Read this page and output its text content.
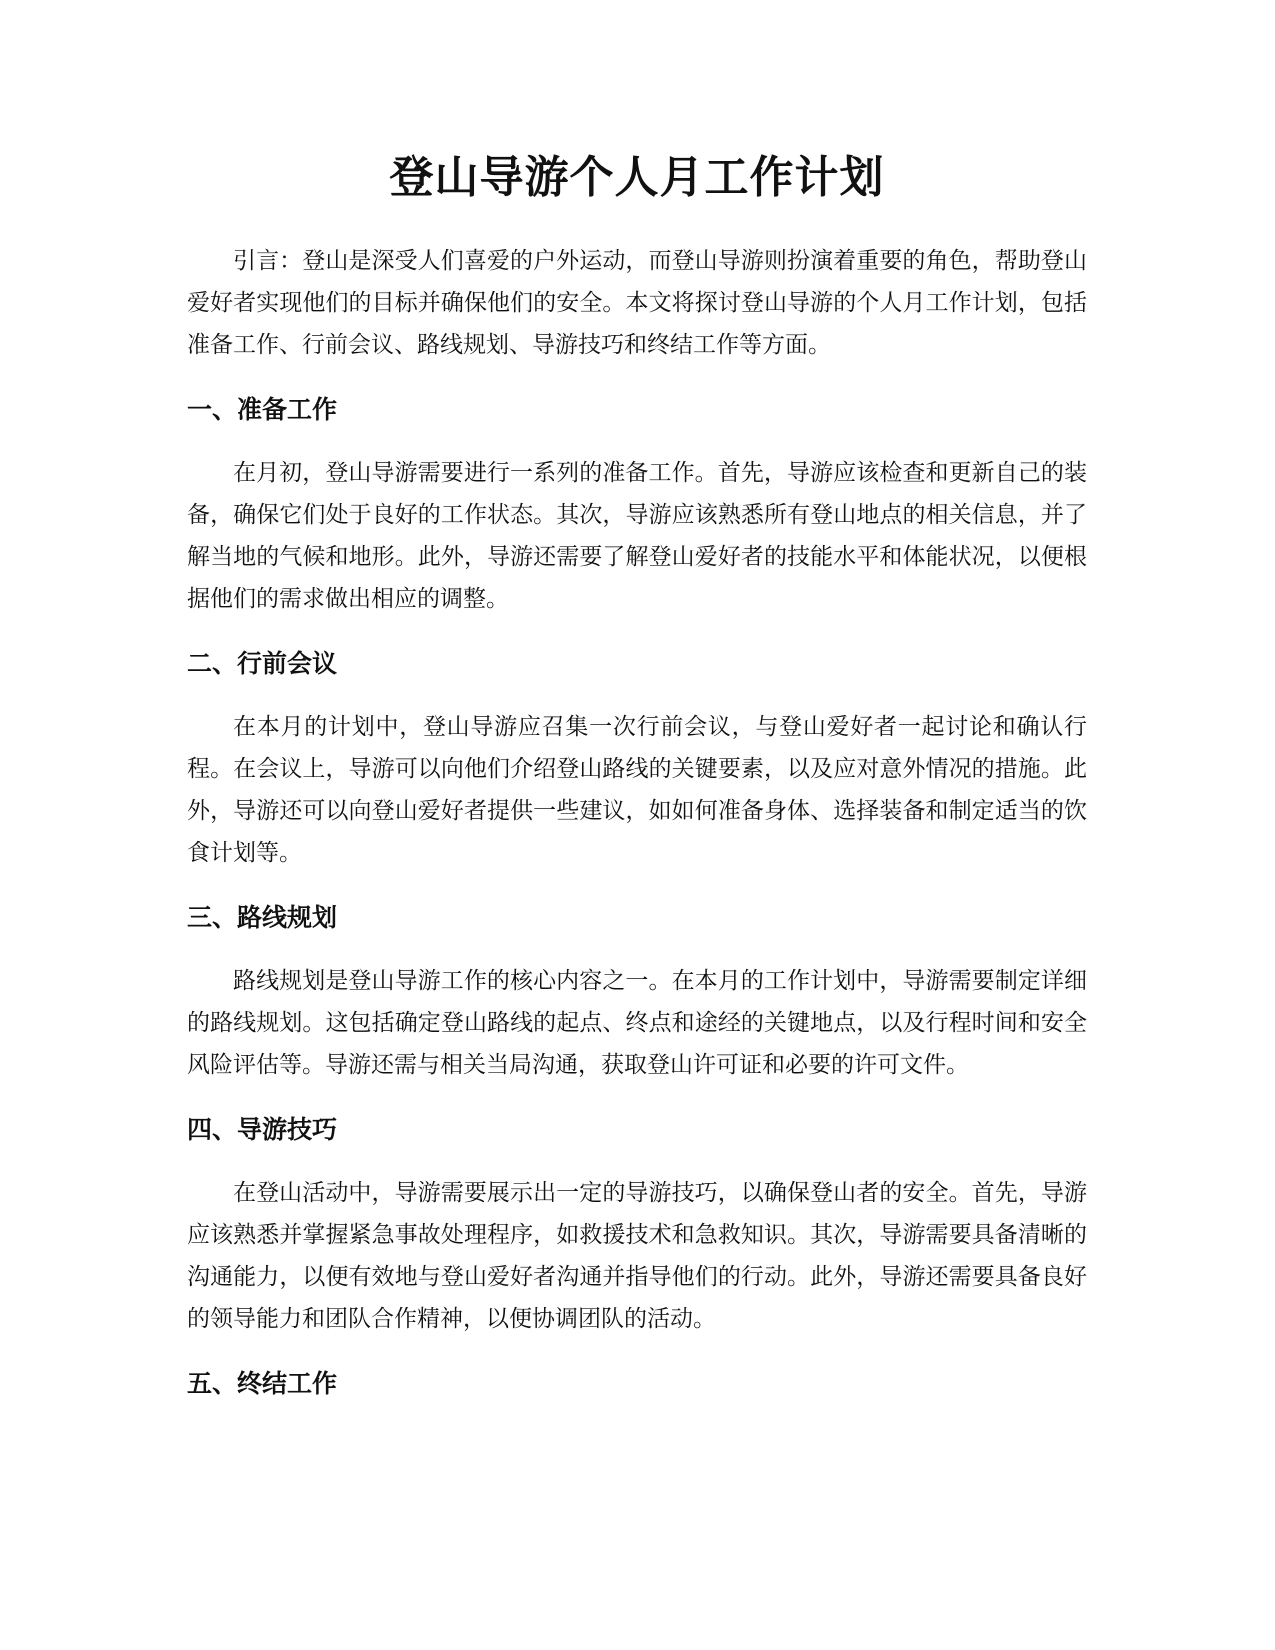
登山导游个人月工作计划

引言：登山是深受人们喜爱的户外运动，而登山导游则扮演着重要的角色，帮助登山爱好者实现他们的目标并确保他们的安全。本文将探讨登山导游的个人月工作计划，包括准备工作、行前会议、路线规划、导游技巧和终结工作等方面。

一、准备工作

在月初，登山导游需要进行一系列的准备工作。首先，导游应该检查和更新自己的装备，确保它们处于良好的工作状态。其次，导游应该熟悉所有登山地点的相关信息，并了解当地的气候和地形。此外，导游还需要了解登山爱好者的技能水平和体能状况，以便根据他们的需求做出相应的调整。

二、行前会议

在本月的计划中，登山导游应召集一次行前会议，与登山爱好者一起讨论和确认行程。在会议上，导游可以向他们介绍登山路线的关键要素，以及应对意外情况的措施。此外，导游还可以向登山爱好者提供一些建议，如如何准备身体、选择装备和制定适当的饮食计划等。

三、路线规划

路线规划是登山导游工作的核心内容之一。在本月的工作计划中，导游需要制定详细的路线规划。这包括确定登山路线的起点、终点和途经的关键地点，以及行程时间和安全风险评估等。导游还需与相关当局沟通，获取登山许可证和必要的许可文件。

四、导游技巧

在登山活动中，导游需要展示出一定的导游技巧，以确保登山者的安全。首先，导游应该熟悉并掌握紧急事故处理程序，如救援技术和急救知识。其次，导游需要具备清晰的沟通能力，以便有效地与登山爱好者沟通并指导他们的行动。此外，导游还需要具备良好的领导能力和团队合作精神，以便协调团队的活动。

五、终结工作
